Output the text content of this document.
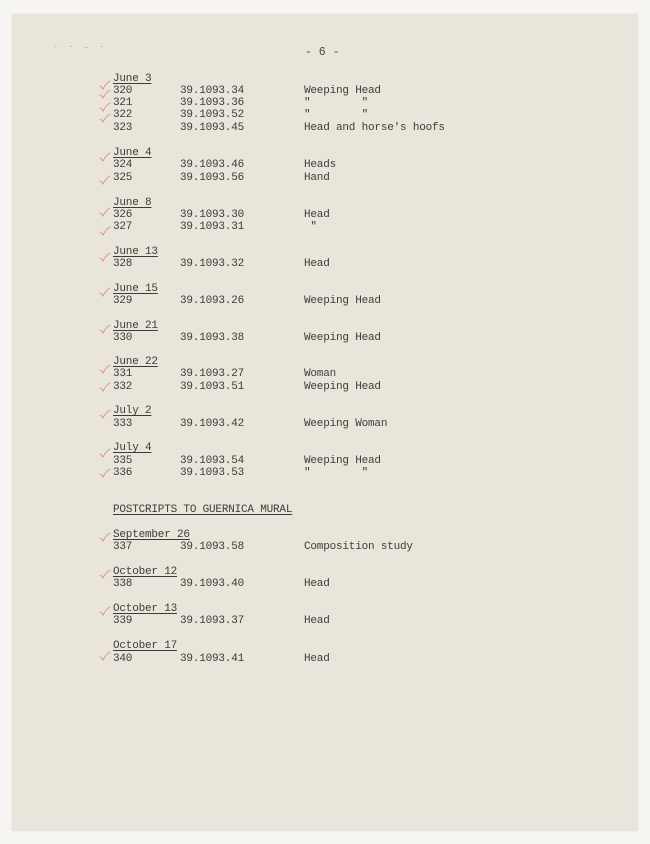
. . _ .
- 6 -
June 3
320	39.1093.34	Weeping Head
321	39.1093.36	"        "
322	39.1093.52	"        "
323	39.1093.45	Head and horse's hoofs
June 4
324	39.1093.46	Heads
325	39.1093.56	Hand
June 8
326	39.1093.30	Head
327	39.1093.31	"
June 13
328	39.1093.32	Head
June 15
329	39.1093.26	Weeping Head
June 21
330	39.1093.38	Weeping Head
June 22
331	39.1093.27	Woman
332	39.1093.51	Weeping Head
July 2
333	39.1093.42	Weeping Woman
July 4
335	39.1093.54	Weeping Head
336	39.1093.53	"        "
POSTCRIPTS TO GUERNICA MURAL
September 26
337	39.1093.58	Composition study
October 12
338	39.1093.40	Head
October 13
339	39.1093.37	Head
October 17
340	39.1093.41	Head
